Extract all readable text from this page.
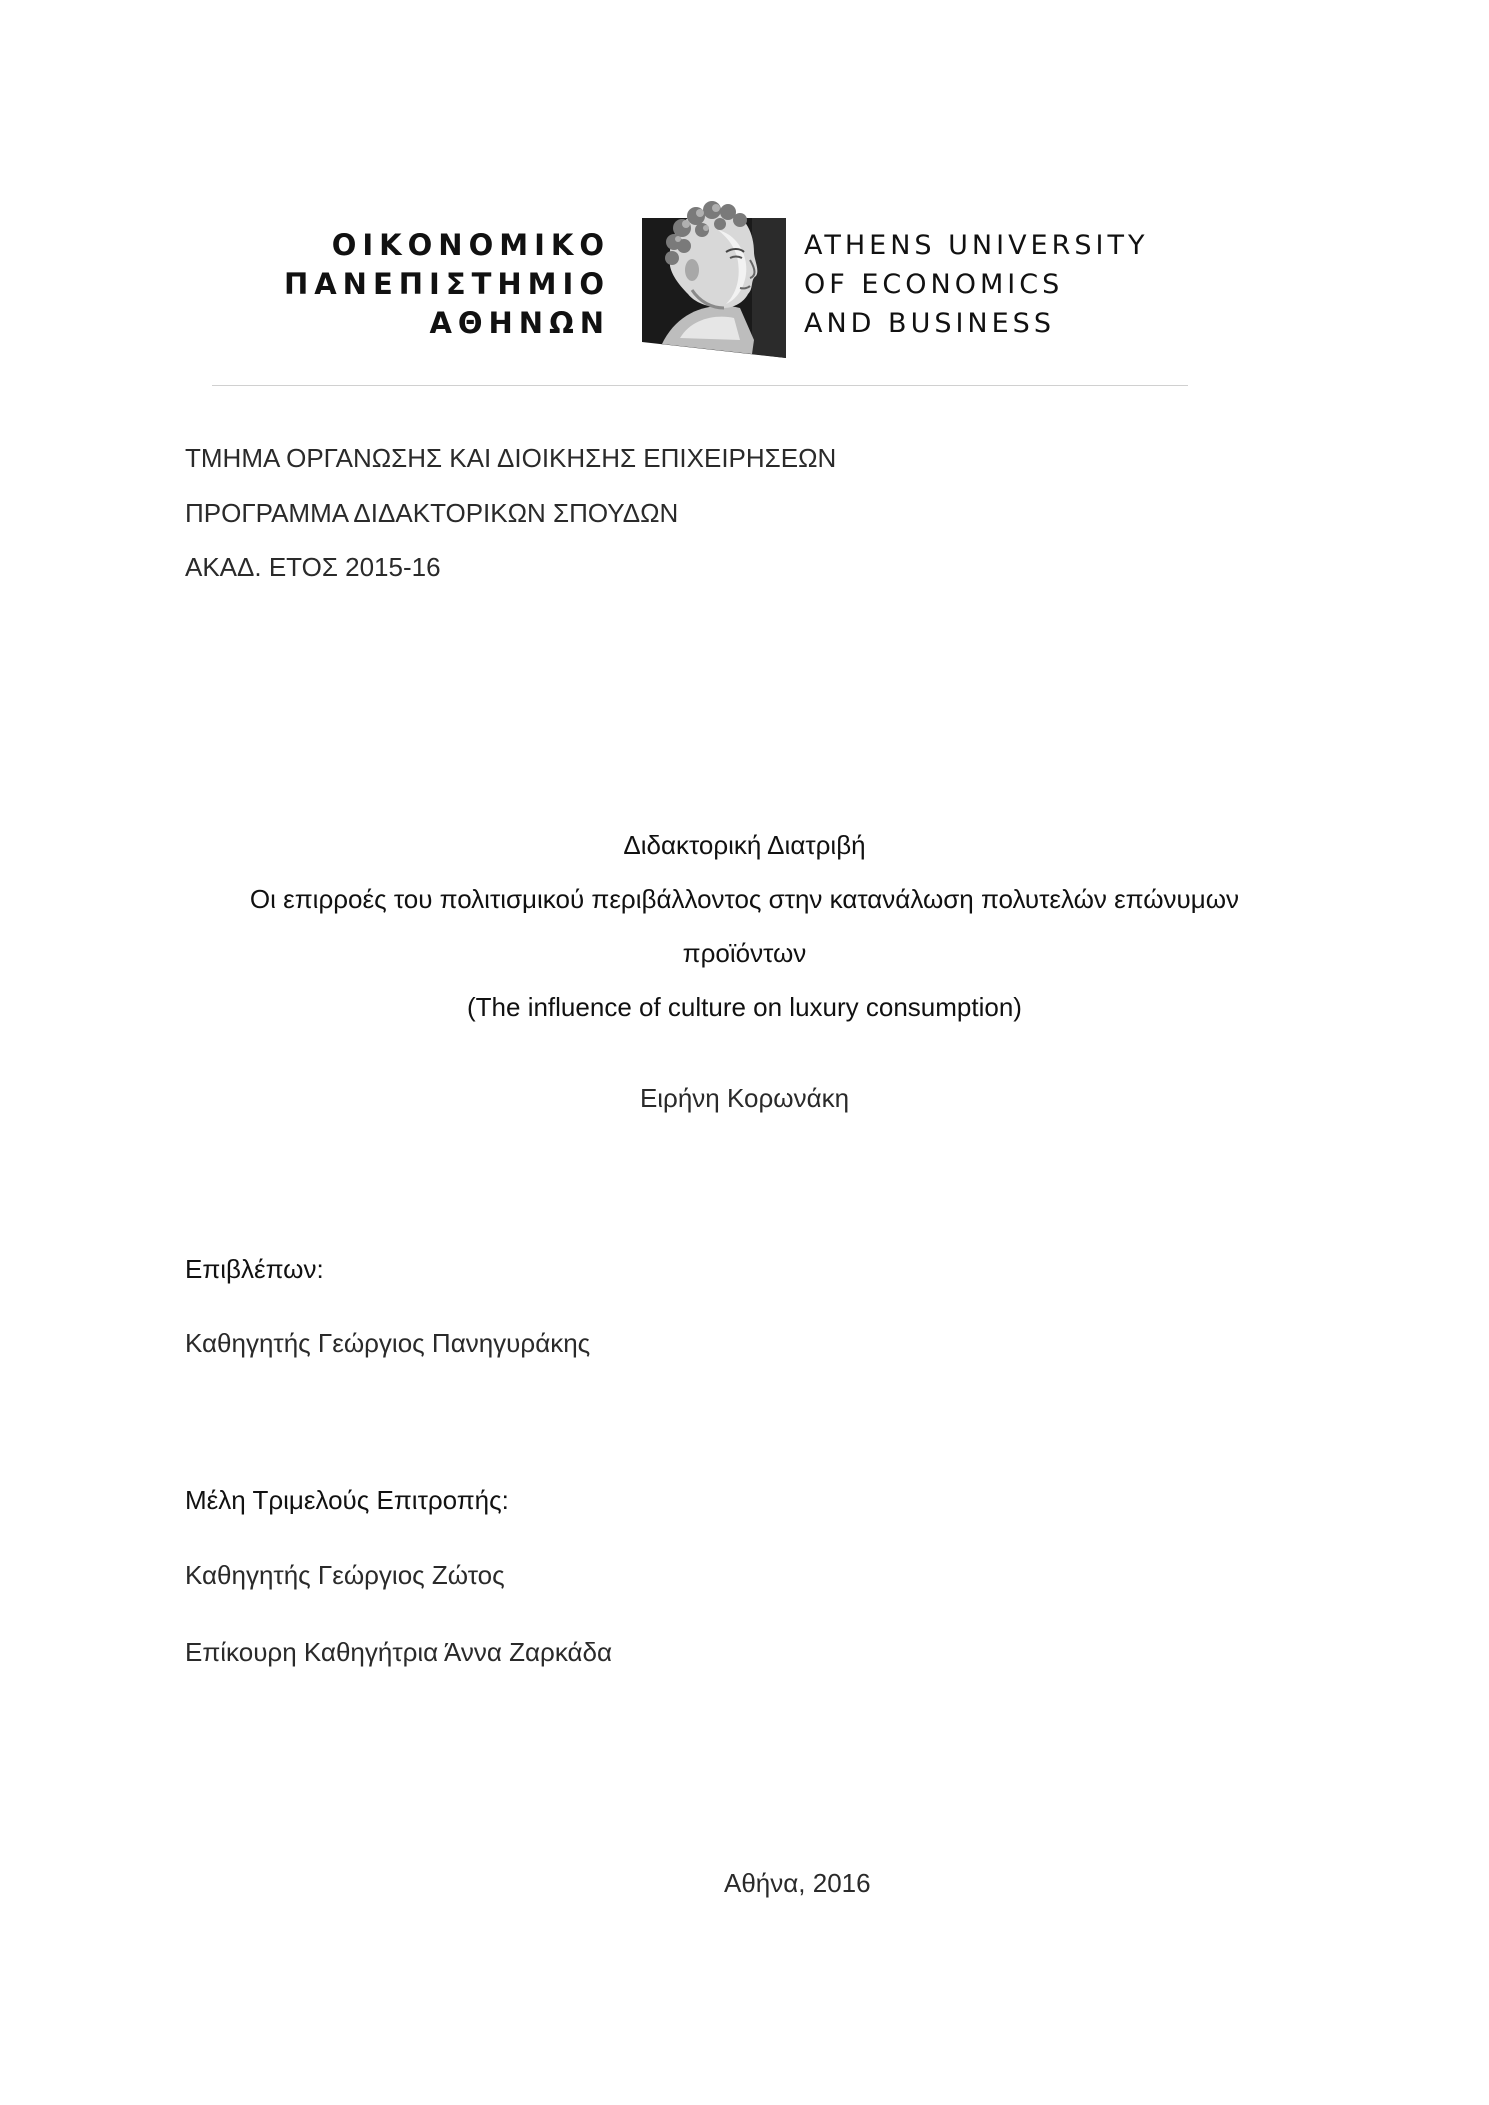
ΟΙΚΟΝΟΜΙΚΟ
ΠΑΝΕΠΙΣΤΗΜΙΟ
ΑΘΗΝΩΝ
ATHENS UNIVERSITY
OF ECONOMICS
AND BUSINESS
ΤΜΗΜΑ ΟΡΓΑΝΩΣΗΣ ΚΑΙ ΔΙΟΙΚΗΣΗΣ ΕΠΙΧΕΙΡΗΣΕΩΝ
ΠΡΟΓΡΑΜΜΑ ΔΙΔΑΚΤΟΡΙΚΩΝ ΣΠΟΥΔΩΝ
ΑΚΑΔ. ΕΤΟΣ 2015-16
Διδακτορική Διατριβή
Οι επιρροές του πολιτισμικού περιβάλλοντος στην κατανάλωση πολυτελών επώνυμων
προϊόντων
(The influence of culture on luxury consumption)
Ειρήνη Κορωνάκη
Επιβλέπων:
Καθηγητής Γεώργιος Πανηγυράκης
Μέλη Τριμελούς Επιτροπής:
Καθηγητής Γεώργιος Ζώτος
Επίκουρη Καθηγήτρια Άννα Ζαρκάδα
Αθήνα, 2016
